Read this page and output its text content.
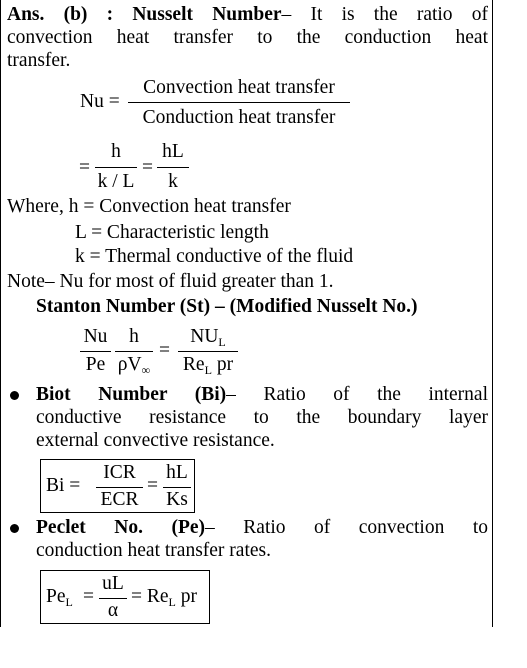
Ans. (b) : Nusselt Number– It is the ratio of
convection heat transfer to the conduction heat
transfer.
Nu =
Convection heat transfer
Conduction heat transfer
=
h
k / L
=
hL
k
Where, h = Convection heat transfer
L = Characteristic length
k = Thermal conductive of the fluid
Note– Nu for most of fluid greater than 1.
Stanton Number (St) – (Modified Nusselt No.)
Nu
Pe
h
$\rho V_\infty$
=
$NU_L$
$Re_L$ pr
Biot Number (Bi)– Ratio of the internal
conductive resistance to the boundary layer
external convective resistance.
Bi =
ICR
ECR
=
hL
Ks
Peclet No. (Pe)– Ratio of convection to
conduction heat transfer rates.
$Pe_L$ =
uL
α
= $Re_L$ pr
